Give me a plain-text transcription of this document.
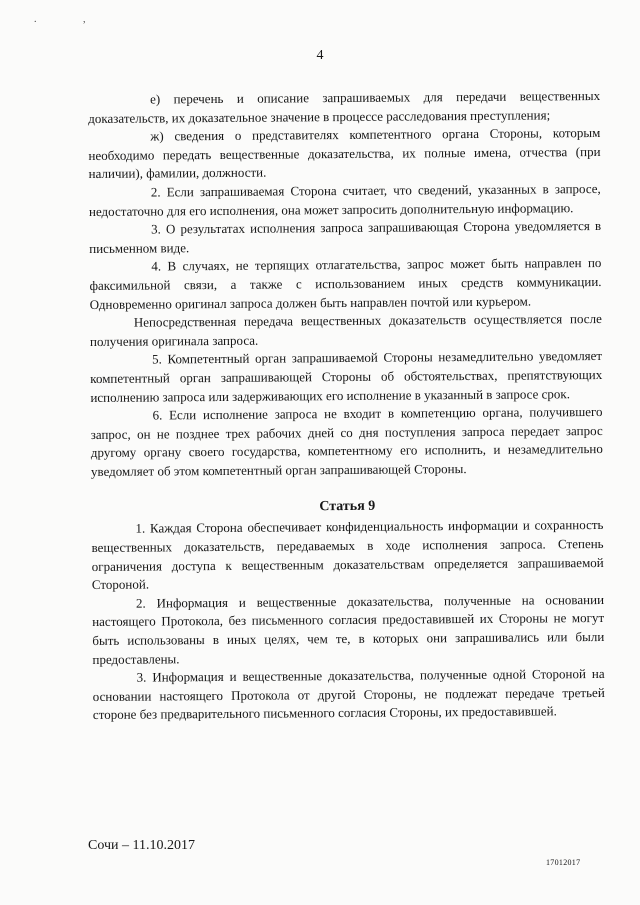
. ,
4

е) перечень и описание запрашиваемых для передачи вещественных доказательств, их доказательное значение в процессе расследования преступления;

ж) сведения о представителях компетентного органа Стороны, которым необходимо передать вещественные доказательства, их полные имена, отчества (при наличии), фамилии, должности.

2. Если запрашиваемая Сторона считает, что сведений, указанных в запросе, недостаточно для его исполнения, она может запросить дополнительную информацию.

3. О результатах исполнения запроса запрашивающая Сторона уведомляется в письменном виде.

4. В случаях, не терпящих отлагательства, запрос может быть направлен по факсимильной связи, а также с использованием иных средств коммуникации. Одновременно оригинал запроса должен быть направлен почтой или курьером.

Непосредственная передача вещественных доказательств осуществляется после получения оригинала запроса.

5. Компетентный орган запрашиваемой Стороны незамедлительно уведомляет компетентный орган запрашивающей Стороны об обстоятельствах, препятствующих исполнению запроса или задерживающих его исполнение в указанный в запросе срок.

6. Если исполнение запроса не входит в компетенцию органа, получившего запрос, он не позднее трех рабочих дней со дня поступления запроса передает запрос другому органу своего государства, компетентному его исполнить, и незамедлительно уведомляет об этом компетентный орган запрашивающей Стороны.

Статья 9

1. Каждая Сторона обеспечивает конфиденциальность информации и сохранность вещественных доказательств, передаваемых в ходе исполнения запроса. Степень ограничения доступа к вещественным доказательствам определяется запрашиваемой Стороной.

2. Информация и вещественные доказательства, полученные на основании настоящего Протокола, без письменного согласия предоставившей их Стороны не могут быть использованы в иных целях, чем те, в которых они запрашивались или были предоставлены.

3. Информация и вещественные доказательства, полученные одной Стороной на основании настоящего Протокола от другой Стороны, не подлежат передаче третьей стороне без предварительного письменного согласия Стороны, их предоставившей.

Сочи – 11.10.2017
17012017
